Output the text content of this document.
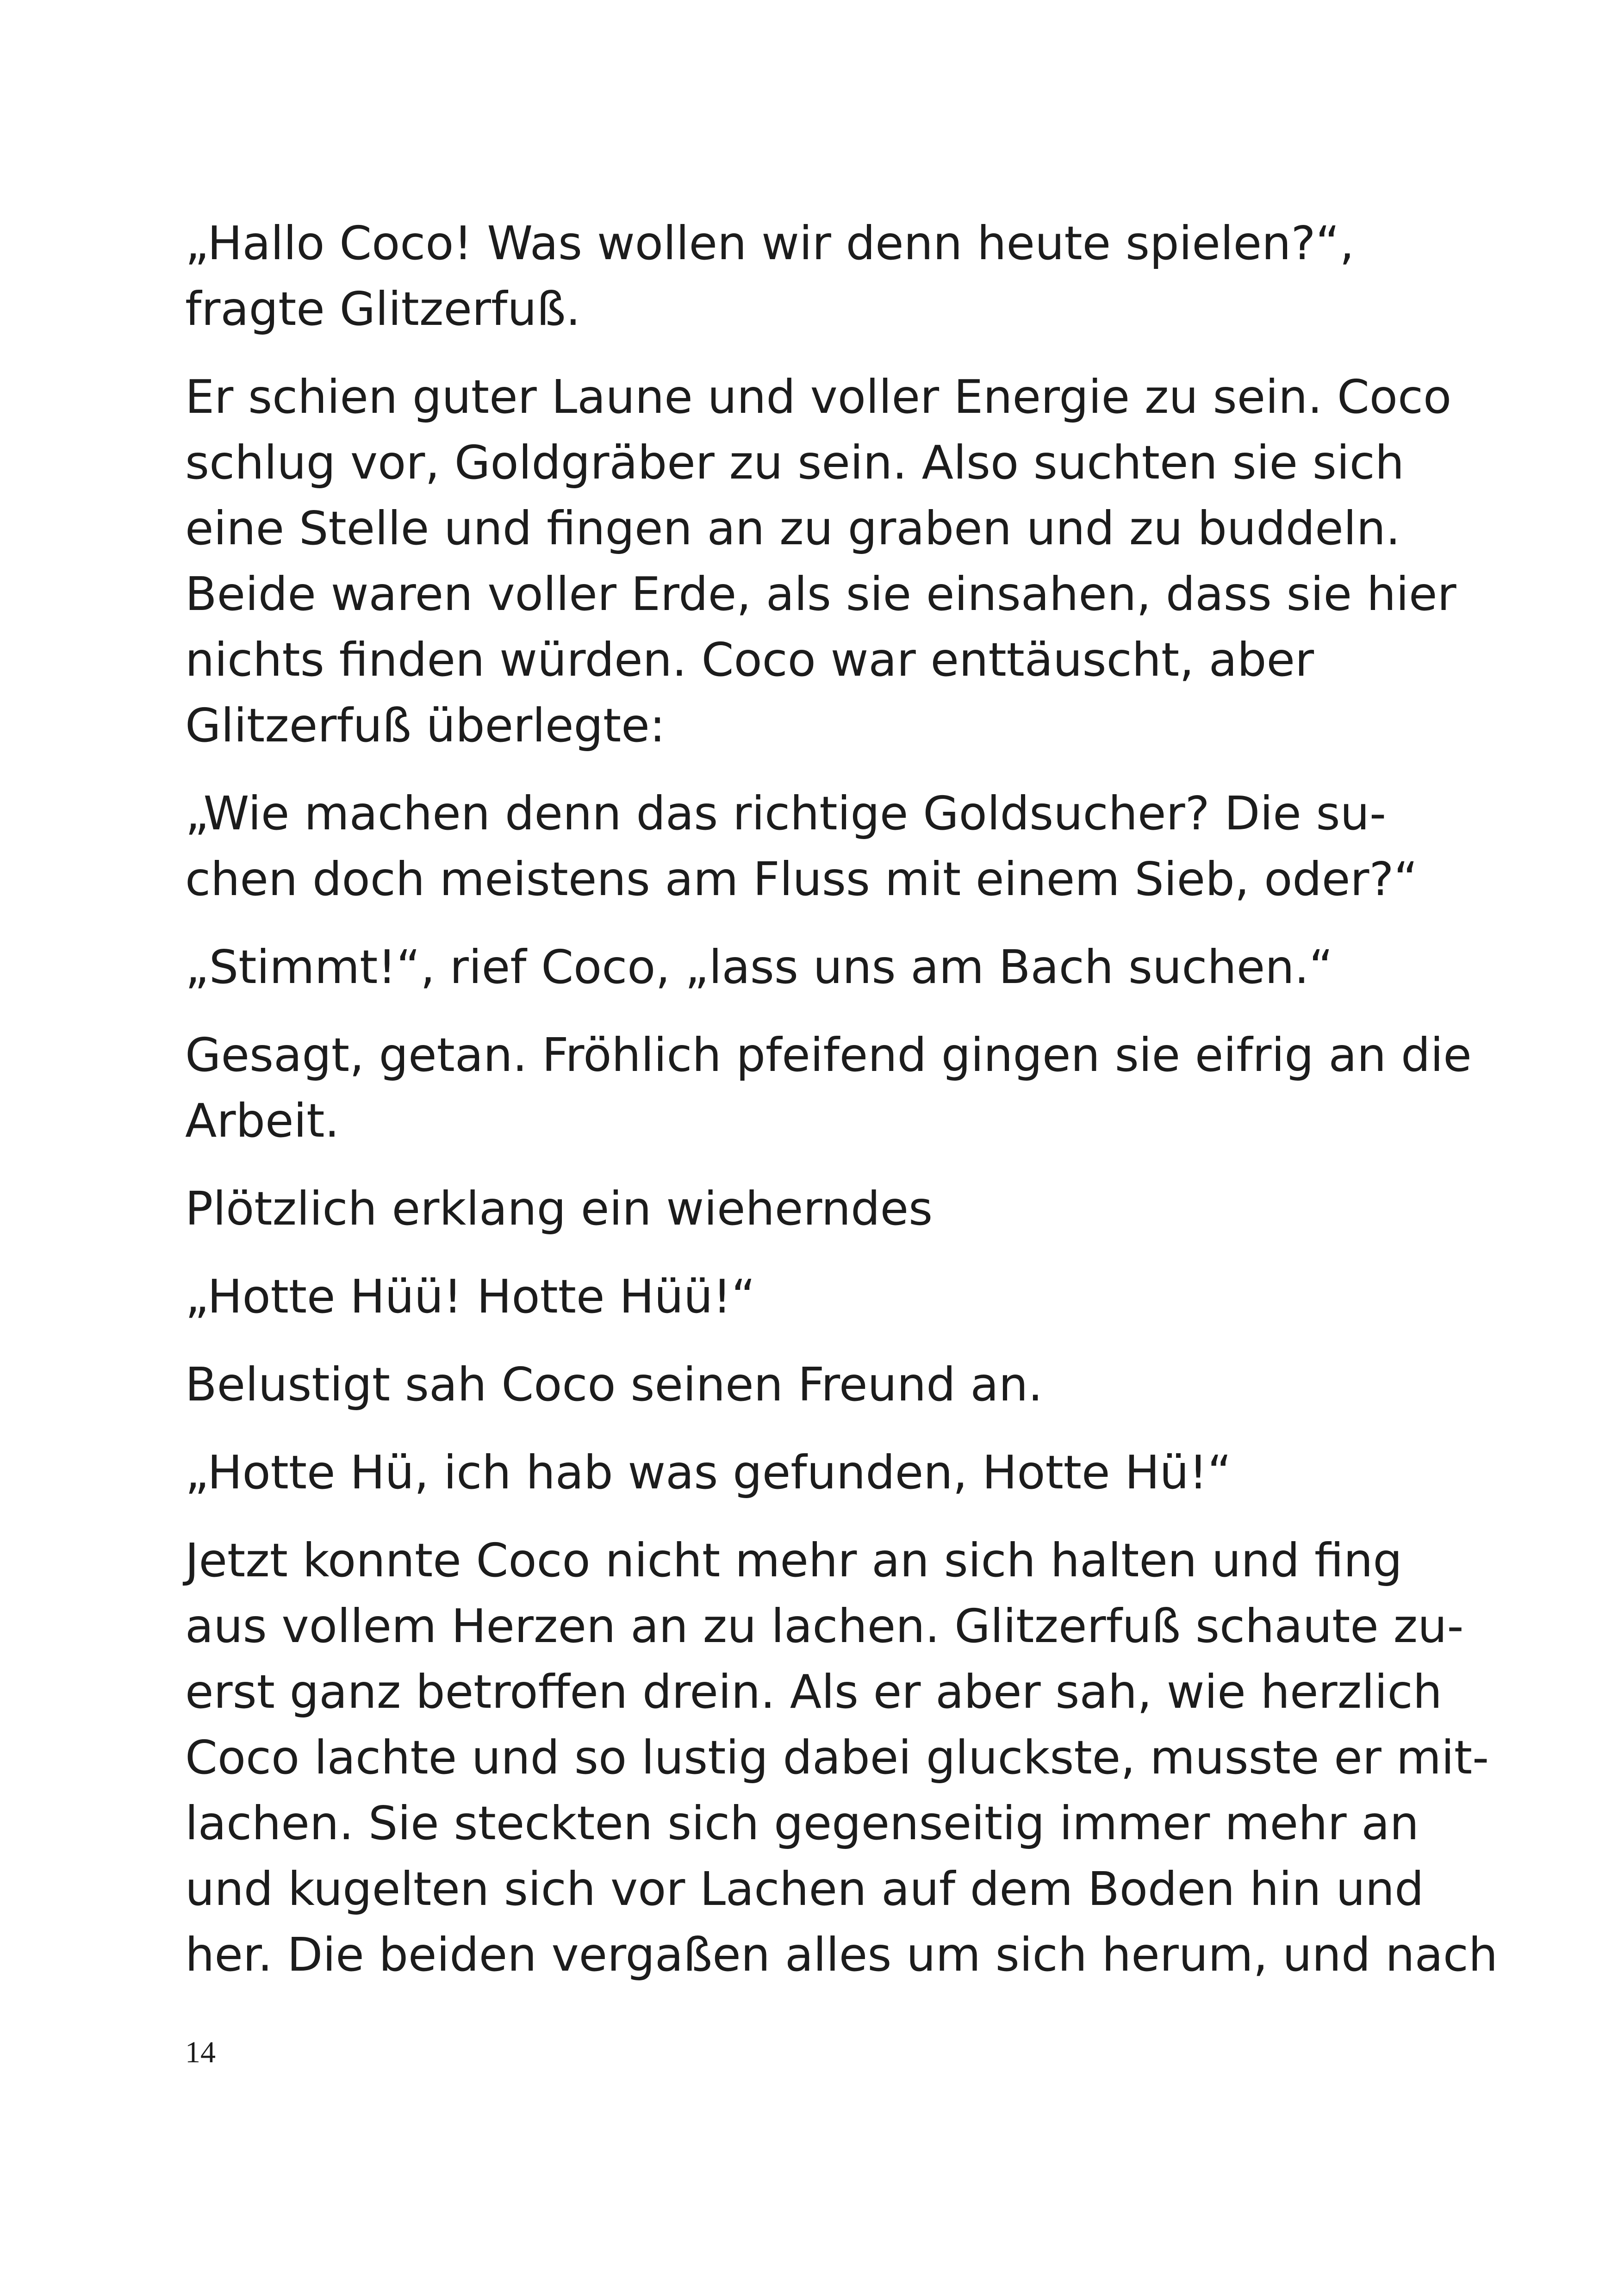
„Hallo Coco! Was wollen wir denn heute spielen?“,
fragte Glitzerfuß.
Er schien guter Laune und voller Energie zu sein. Coco
schlug vor, Goldgräber zu sein. Also suchten sie sich
eine Stelle und fingen an zu graben und zu buddeln.
Beide waren voller Erde, als sie einsahen, dass sie hier
nichts finden würden. Coco war enttäuscht, aber
Glitzerfuß überlegte:
„Wie machen denn das richtige Goldsucher? Die su-
chen doch meistens am Fluss mit einem Sieb, oder?“
„Stimmt!“, rief Coco, „lass uns am Bach suchen.“
Gesagt, getan. Fröhlich pfeifend gingen sie eifrig an die
Arbeit.
Plötzlich erklang ein wieherndes
„Hotte Hüü! Hotte Hüü!“
Belustigt sah Coco seinen Freund an.
„Hotte Hü, ich hab was gefunden, Hotte Hü!“
Jetzt konnte Coco nicht mehr an sich halten und fing
aus vollem Herzen an zu lachen. Glitzerfuß schaute zu-
erst ganz betroffen drein. Als er aber sah, wie herzlich
Coco lachte und so lustig dabei gluckste, musste er mit-
lachen. Sie steckten sich gegenseitig immer mehr an
und kugelten sich vor Lachen auf dem Boden hin und
her. Die beiden vergaßen alles um sich herum, und nach
14
